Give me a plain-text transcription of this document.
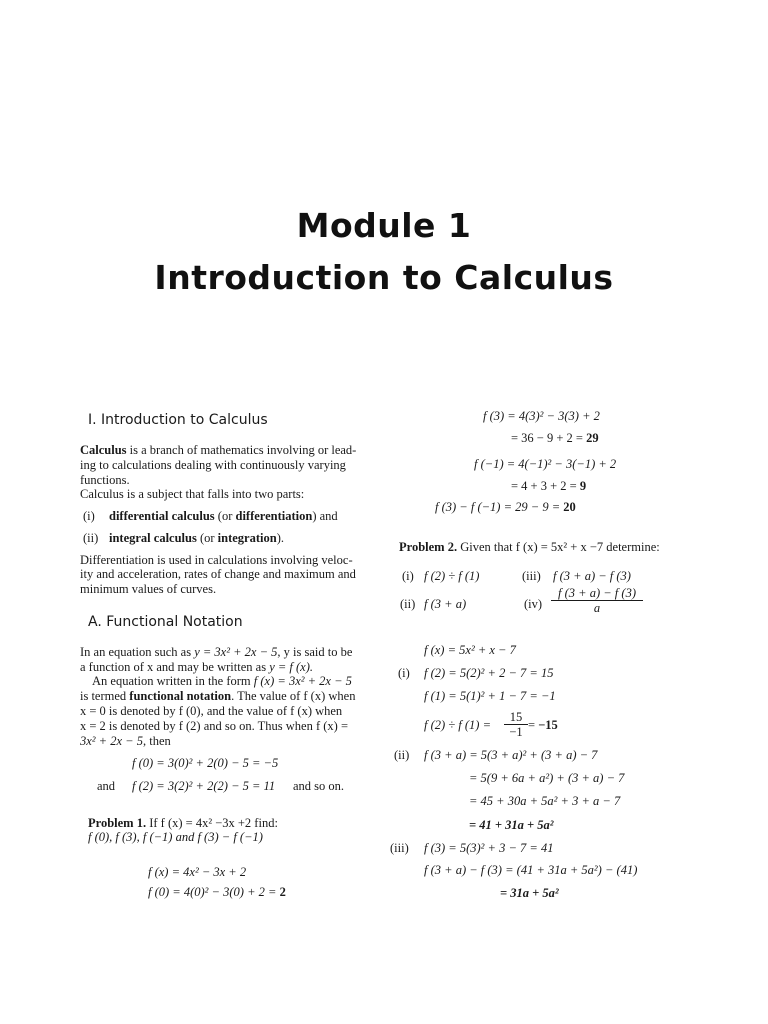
Module 1
Introduction to Calculus
I. Introduction to Calculus
Calculus is a branch of mathematics involving or lead-
ing to calculations dealing with continuously varying
functions.
Calculus is a subject that falls into two parts:
(i) differential calculus (or differentiation) and
(ii) integral calculus (or integration).
Differentiation is used in calculations involving veloc-
ity and acceleration, rates of change and maximum and
minimum values of curves.
A. Functional Notation
In an equation such as y = 3x² + 2x − 5, y is said to be
a function of x and may be written as y = f (x).
An equation written in the form f (x) = 3x² + 2x − 5
is termed functional notation. The value of f (x) when
x = 0 is denoted by f (0), and the value of f (x) when
x = 2 is denoted by f (2) and so on. Thus when f (x) =
3x² + 2x − 5, then
f (0) = 3(0)² + 2(0) − 5 = −5
and f (2) = 3(2)² + 2(2) − 5 = 11 and so on.
Problem 1. If f (x) = 4x² −3x +2 find:
f (0), f (3), f (−1) and f (3) − f (−1)
f (x) = 4x² − 3x + 2
f (0) = 4(0)² − 3(0) + 2 = 2
f (3) = 4(3)² − 3(3) + 2
= 36 − 9 + 2 = 29
f (−1) = 4(−1)² − 3(−1) + 2
= 4 + 3 + 2 = 9
f (3) − f (−1) = 29 − 9 = 20
Problem 2. Given that f (x) = 5x² + x −7 determine:
(i) f (2) ÷ f (1)	(iii) f (3 + a) − f (3)
(ii) f (3 + a)	(iv)
f (3 + a) − f (3)
a
f (x) = 5x² + x − 7
(i) f (2) = 5(2)² + 2 − 7 = 15
f (1) = 5(1)² + 1 − 7 = −1
f (2) ÷ f (1) =
15
−1 = −15
(ii) f (3 + a) = 5(3 + a)² + (3 + a) − 7
= 5(9 + 6a + a²) + (3 + a) − 7
= 45 + 30a + 5a² + 3 + a − 7
= 41 + 31a + 5a²
(iii) f (3) = 5(3)² + 3 − 7 = 41
f (3 + a) − f (3) = (41 + 31a + 5a²) − (41)
= 31a + 5a²
